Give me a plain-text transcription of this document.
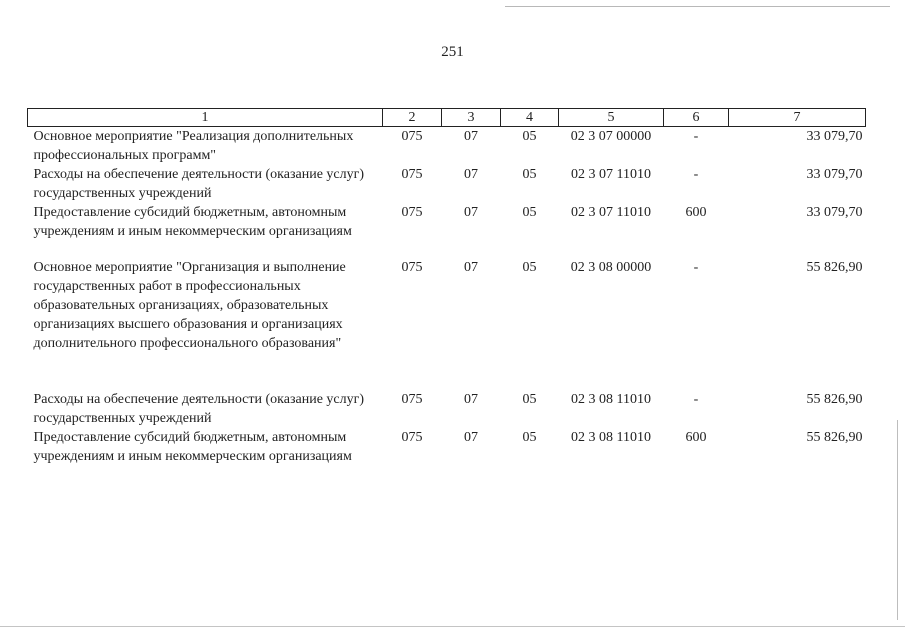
251
1	2	3	4	5	6	7
Основное мероприятие "Реализация дополнительных профессиональных программ"	075	07	05	02 3 07 00000	-	33 079,70
Расходы на обеспечение деятельности (оказание услуг) государственных учреждений	075	07	05	02 3 07 11010	-	33 079,70
Предоставление субсидий бюджетным, автономным учреждениям и иным некоммерческим организациям	075	07	05	02 3 07 11010	600	33 079,70

Основное мероприятие "Организация и выполнение государственных работ в профессиональных образовательных организациях, образовательных организациях высшего образования и организациях дополнительного профессионального образования"	075	07	05	02 3 08 00000	-	55 826,90

Расходы на обеспечение деятельности (оказание услуг) государственных учреждений	075	07	05	02 3 08 11010	-	55 826,90
Предоставление субсидий бюджетным, автономным учреждениям и иным некоммерческим организациям	075	07	05	02 3 08 11010	600	55 826,90
